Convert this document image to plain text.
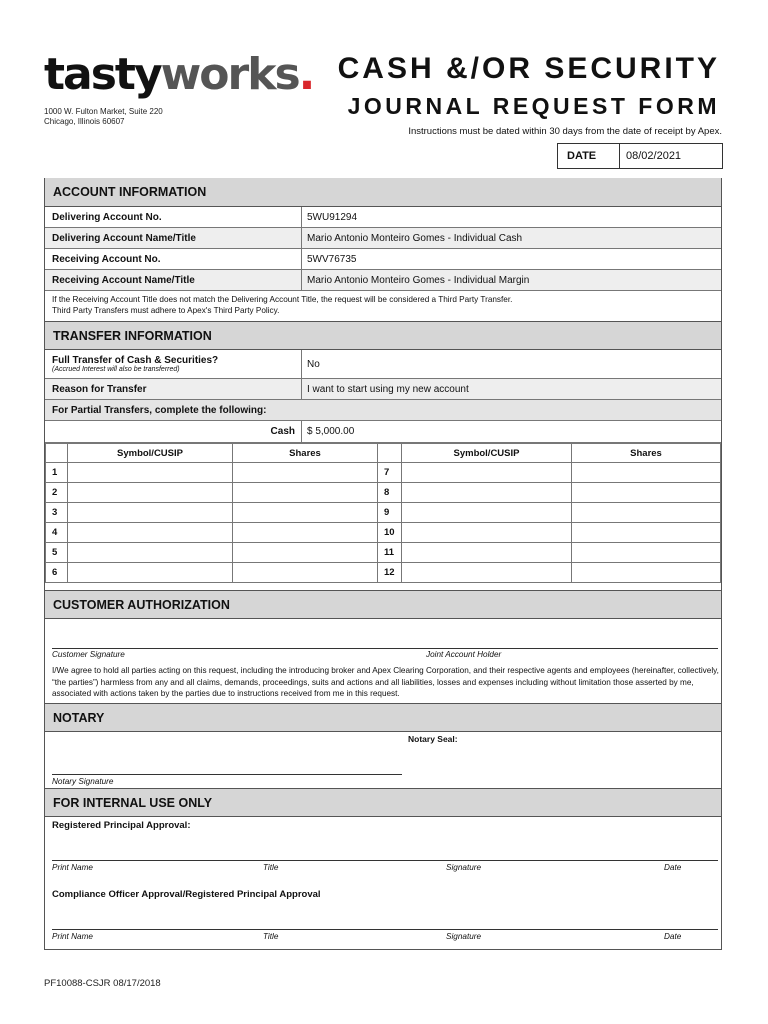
tastyworks.
1000 W. Fulton Market, Suite 220
Chicago, Illinois 60607
CASH &/OR SECURITY
JOURNAL REQUEST FORM
Instructions must be dated within 30 days from the date of receipt by Apex.
DATE	08/02/2021
ACCOUNT INFORMATION
Delivering Account No.	5WU91294
Delivering Account Name/Title	Mario Antonio Monteiro Gomes - Individual Cash
Receiving Account No.	5WV76735
Receiving Account Name/Title	Mario Antonio Monteiro Gomes - Individual Margin
If the Receiving Account Title does not match the Delivering Account Title, the request will be considered a Third Party Transfer.
Third Party Transfers must adhere to Apex's Third Party Policy.
TRANSFER INFORMATION
Full Transfer of Cash & Securities?
(Accrued Interest will also be transferred)	No
Reason for Transfer	I want to start using my new account
For Partial Transfers, complete the following:
Cash	$ 5,000.00
	Symbol/CUSIP	Shares		Symbol/CUSIP	Shares
1			7		
2			8		
3			9		
4			10		
5			11		
6			12		
CUSTOMER AUTHORIZATION
Customer Signature	Joint Account Holder
I/We agree to hold all parties acting on this request, including the introducing broker and Apex Clearing Corporation, and their respective agents and employees (hereinafter, collectively, “the parties”) harmless from any and all claims, demands, proceedings, suits and actions and all liabilities, losses and expenses including without limitation those asserted by me, associated with actions taken by the parties due to instructions received from me in this request.
NOTARY
Notary Seal:
Notary Signature
FOR INTERNAL USE ONLY
Registered Principal Approval:
Print Name	Title	Signature	Date
Compliance Officer Approval/Registered Principal Approval
Print Name	Title	Signature	Date
PF10088-CSJR 08/17/2018
